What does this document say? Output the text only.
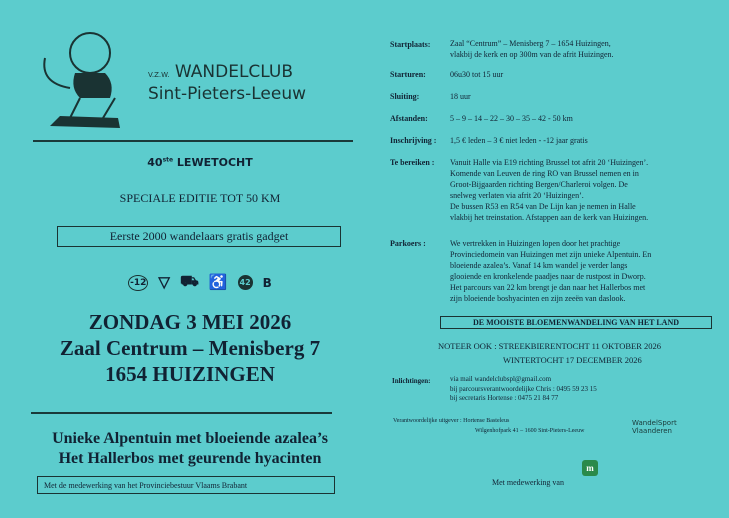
V.Z.W. WANDELCLUB
Sint-Pieters-Leeuw
40ste LEWETOCHT
SPECIALE EDITIE TOT 50 KM
Eerste 2000 wandelaars gratis gadget
-12 ▽ ⛟ ♿ 42 B
ZONDAG 3 MEI 2026
Zaal Centrum – Menisberg 7
1654 HUIZINGEN
Unieke Alpentuin met bloeiende azalea’s
Het Hallerbos met geurende hyacinten
Met de medewerking van het Provinciebestuur Vlaams Brabant
Startplaats: Zaal “Centrum” – Menisberg 7 – 1654 Huizingen,
vlakbij de kerk en op 300m van de afrit Huizingen.
Starturen:	06u30 tot 15 uur
Sluiting:	18 uur
Afstanden:	5 – 9 – 14 – 22 – 30 – 35 – 42 - 50 km
Inschrijving : 1,5 € leden – 3 € niet leden - -12 jaar gratis
Te bereiken : Vanuit Halle via E19 richting Brussel tot afrit 20 ‘Huizingen’.
Komende van Leuven de ring RO van Brussel nemen en in
Groot-Bijgaarden richting Bergen/Charleroi volgen. De
snelweg verlaten via afrit 20 ‘Huizingen’.
De bussen R53 en R54 van De Lijn kan je nemen in Halle
vlakbij het treinstation. Afstappen aan de kerk van Huizingen.
Parkoers :	We vertrekken in Huizingen lopen door het prachtige
Provinciedomein van Huizingen met zijn unieke Alpentuin. En
bloeiende azalea’s. Vanaf 14 km wandel je verder langs
glooiende en kronkelende paadjes naar de rustpost in Dworp.
Het parcours van 22 km brengt je dan naar het Hallerbos met
zijn bloeiende boshyacinten en zijn zeeën van daslook.
DE MOOISTE BLOEMENWANDELING VAN HET LAND
NOTEER OOK : STREEKBIERENTOCHT 11 OKTOBER 2026
WINTERTOCHT 17 DECEMBER 2026
Inlichtingen:	via mail wandelclubspl@gmail.com
bij parcoursverantwoordelijke Chris : 0495 59 23 15
bij secretaris Hortense : 0475 21 84 77
Verantwoordelijke uitgever : Hortense Basteleus
Wilgenhofpark 41 – 1600 Sint-Pieters-Leeuw
WandelSport Vlaanderen
Met medewerking van
m
